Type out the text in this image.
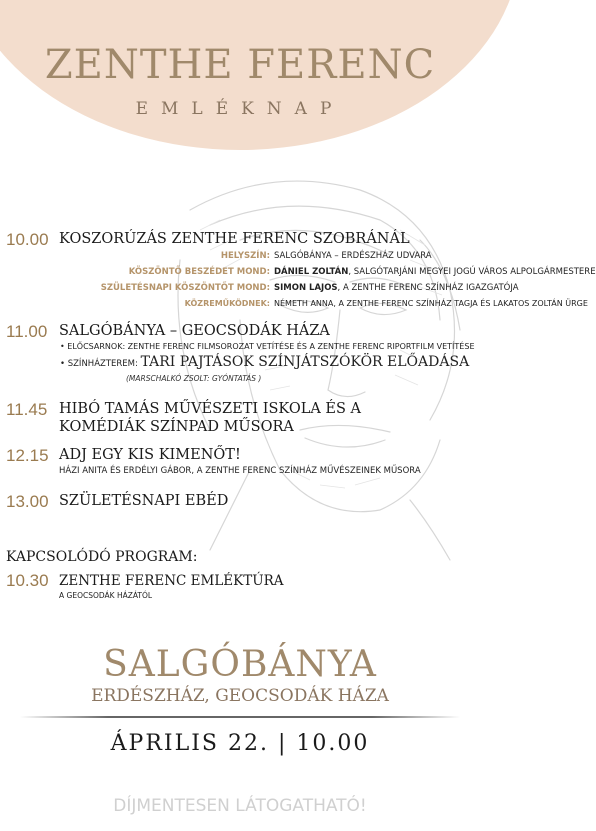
ZENTHE FERENC
EMLÉKNAP
10.00 KOSZORÚZÁS ZENTHE FERENC SZOBRÁNÁL
HELYSZÍN: SALGÓBÁNYA – ERDÉSZHÁZ UDVARA
KÖSZÖNTŐ BESZÉDET MOND: DÁNIEL ZOLTÁN, SALGÓTARJÁNI MEGYEI JOGÚ VÁROS ALPOLGÁRMESTERE
SZÜLETÉSNAPI KÖSZÖNTŐT MOND: SIMON LAJOS, A ZENTHE FERENC SZÍNHÁZ IGAZGATÓJA
KÖZREMŰKÖDNEK: NÉMETH ANNA, A ZENTHE FERENC SZÍNHÁZ TAGJA ÉS LAKATOS ZOLTÁN ÜRGE
11.00 SALGÓBÁNYA – GEOCSODÁK HÁZA
• ELŐCSARNOK: ZENTHE FERENC FILMSOROZAT VETÍTÉSE ÉS A ZENTHE FERENC RIPORTFILM VETÍTÉSE
• SZÍNHÁZTEREM: TARI PAJTÁSOK SZÍNJÁTSZÓKÖR ELŐADÁSA
(MARSCHALKÓ ZSOLT: GYÓNTATÁS )
11.45 HIBÓ TAMÁS MŰVÉSZETI ISKOLA ÉS A
KOMÉDIÁK SZÍNPAD MŰSORA
12.15 ADJ EGY KIS KIMENŐT!
HÁZI ANITA ÉS ERDÉLYI GÁBOR, A ZENTHE FERENC SZÍNHÁZ MŰVÉSZEINEK MŰSORA
13.00 SZÜLETÉSNAPI EBÉD
KAPCSOLÓDÓ PROGRAM:
10.30 ZENTHE FERENC EMLÉKTÚRA
A GEOCSODÁK HÁZÁTÓL
SALGÓBÁNYA
ERDÉSZHÁZ, GEOCSODÁK HÁZA
ÁPRILIS 22. | 10.00
DÍJMENTESEN LÁTOGATHATÓ!
